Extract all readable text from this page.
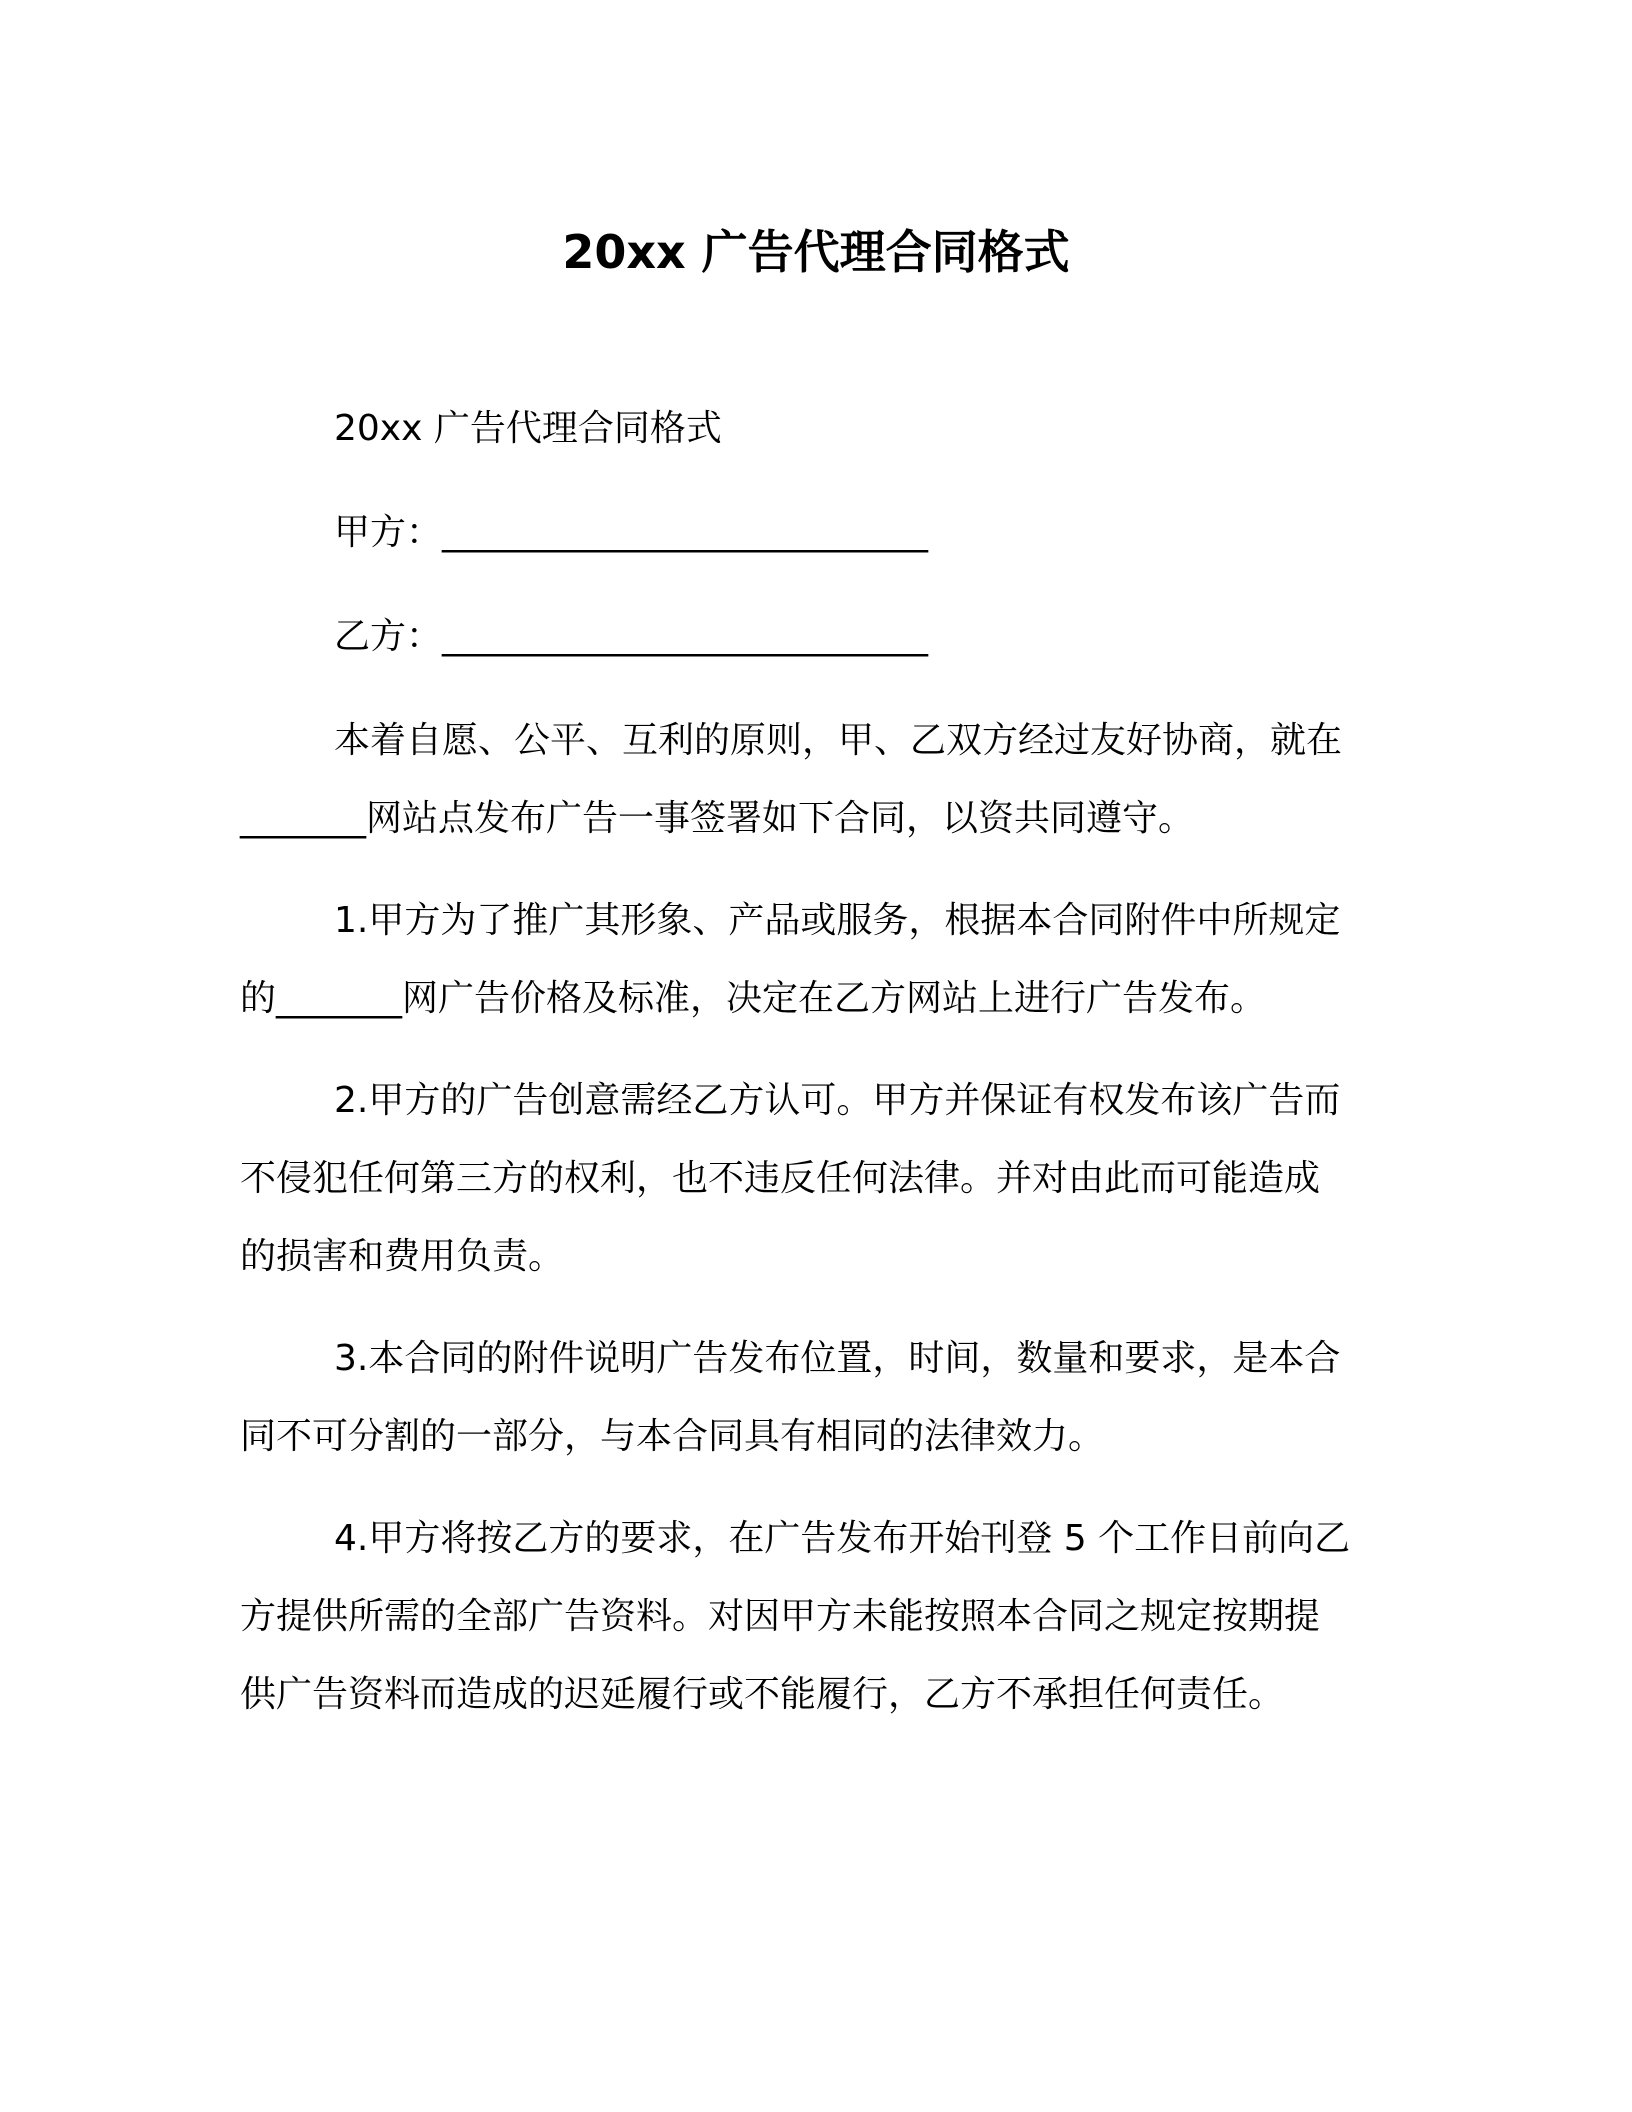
20xx 广告代理合同格式
20xx 广告代理合同格式
甲方：___________________________
乙方：___________________________
本着自愿、公平、互利的原则，甲、乙双方经过友好协商，就在
_______网站点发布广告一事签署如下合同，以资共同遵守。
1.甲方为了推广其形象、产品或服务，根据本合同附件中所规定
的_______网广告价格及标准，决定在乙方网站上进行广告发布。
2.甲方的广告创意需经乙方认可。甲方并保证有权发布该广告而
不侵犯任何第三方的权利，也不违反任何法律。并对由此而可能造成
的损害和费用负责。
3.本合同的附件说明广告发布位置，时间，数量和要求，是本合
同不可分割的一部分，与本合同具有相同的法律效力。
4.甲方将按乙方的要求，在广告发布开始刊登 5 个工作日前向乙
方提供所需的全部广告资料。对因甲方未能按照本合同之规定按期提
供广告资料而造成的迟延履行或不能履行，乙方不承担任何责任。
